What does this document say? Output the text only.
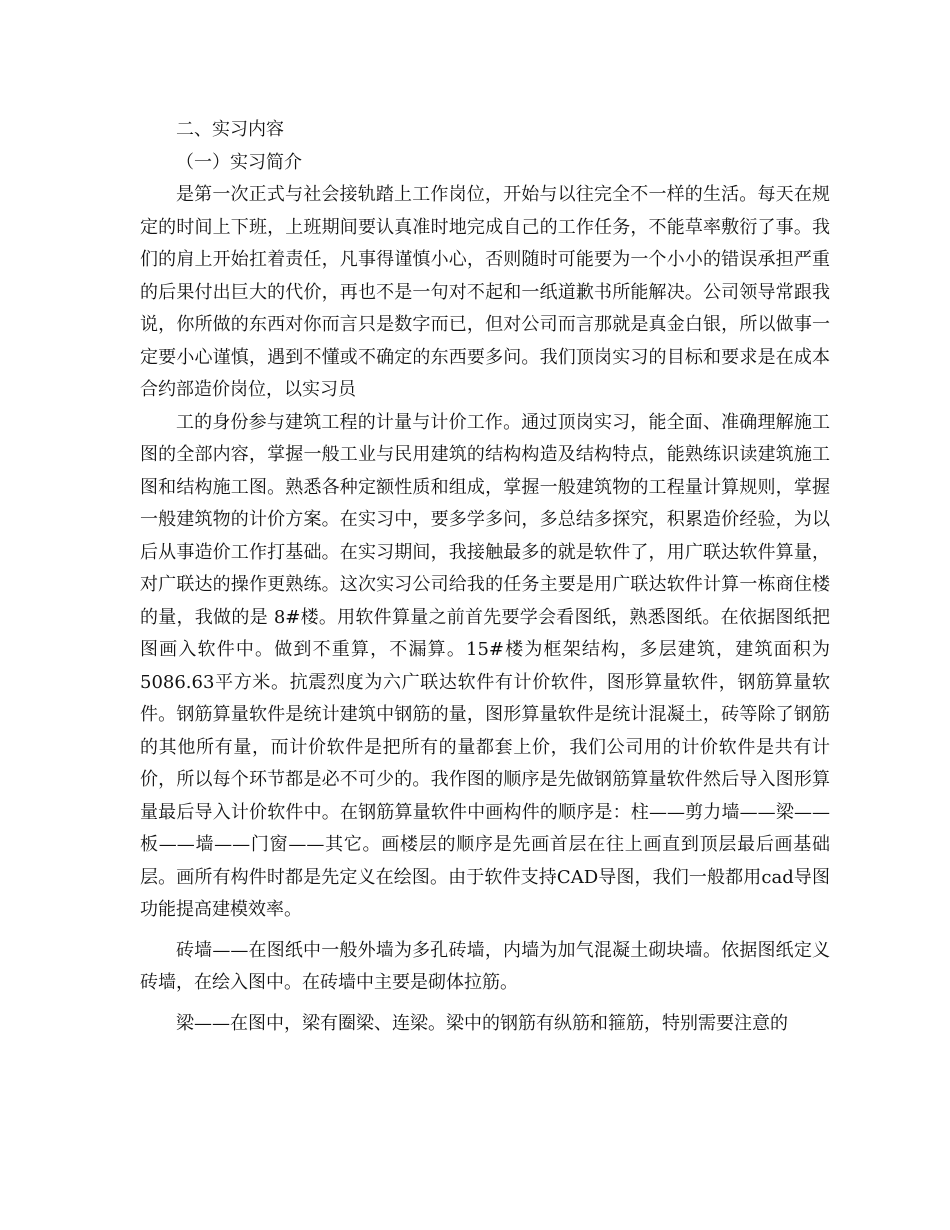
二、实习内容

（一）实习简介

是第一次正式与社会接轨踏上工作岗位，开始与以往完全不一样的生活。每天在规定的时间上下班，上班期间要认真准时地完成自己的工作任务，不能草率敷衍了事。我们的肩上开始扛着责任，凡事得谨慎小心，否则随时可能要为一个小小的错误承担严重的后果付出巨大的代价，再也不是一句对不起和一纸道歉书所能解决。公司领导常跟我说，你所做的东西对你而言只是数字而已，但对公司而言那就是真金白银，所以做事一定要小心谨慎，遇到不懂或不确定的东西要多问。我们顶岗实习的目标和要求是在成本合约部造价岗位，以实习员

工的身份参与建筑工程的计量与计价工作。通过顶岗实习，能全面、准确理解施工图的全部内容，掌握一般工业与民用建筑的结构构造及结构特点，能熟练识读建筑施工图和结构施工图。熟悉各种定额性质和组成，掌握一般建筑物的工程量计算规则，掌握一般建筑物的计价方案。在实习中，要多学多问，多总结多探究，积累造价经验，为以后从事造价工作打基础。在实习期间，我接触最多的就是软件了，用广联达软件算量，对广联达的操作更熟练。这次实习公司给我的任务主要是用广联达软件计算一栋商住楼的量，我做的是 8#楼。用软件算量之前首先要学会看图纸，熟悉图纸。在依据图纸把图画入软件中。做到不重算，不漏算。15#楼为框架结构，多层建筑，建筑面积为5086.63平方米。抗震烈度为六广联达软件有计价软件，图形算量软件，钢筋算量软件。钢筋算量软件是统计建筑中钢筋的量，图形算量软件是统计混凝土，砖等除了钢筋的其他所有量，而计价软件是把所有的量都套上价，我们公司用的计价软件是共有计价，所以每个环节都是必不可少的。我作图的顺序是先做钢筋算量软件然后导入图形算量最后导入计价软件中。在钢筋算量软件中画构件的顺序是：柱——剪力墙——梁——板——墙——门窗——其它。画楼层的顺序是先画首层在往上画直到顶层最后画基础层。画所有构件时都是先定义在绘图。由于软件支持CAD导图，我们一般都用cad导图功能提高建模效率。

砖墙——在图纸中一般外墙为多孔砖墙，内墙为加气混凝土砌块墙。依据图纸定义砖墙，在绘入图中。在砖墙中主要是砌体拉筋。

梁——在图中，梁有圈梁、连梁。梁中的钢筋有纵筋和箍筋，特别需要注意的
